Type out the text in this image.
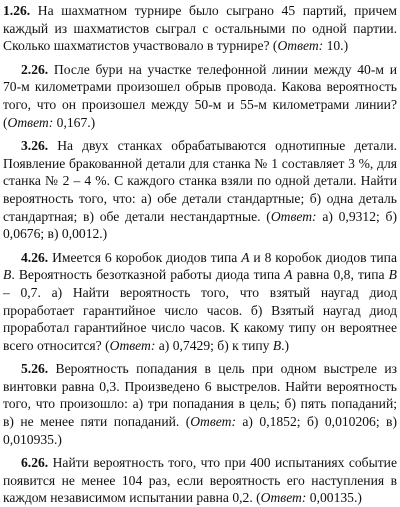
1.26. На шахматном турнире было сыграно 45 партий, причем каждый из шахматистов сыграл с остальными по одной партии. Сколько шахматистов участвовало в турнире? (Ответ: 10.)

2.26. После бури на участке телефонной линии между 40-м и 70-м километрами произошел обрыв провода. Какова вероятность того, что он произошел между 50-м и 55-м километрами линии? (Ответ: 0,167.)

3.26. На двух станках обрабатываются однотипные детали. Появление бракованной детали для станка № 1 составляет 3 %, для станка № 2 – 4 %. С каждого станка взяли по одной детали. Найти вероятность того, что: а) обе детали стандартные; б) одна деталь стандартная; в) обе детали нестандартные. (Ответ: а) 0,9312; б) 0,0676; в) 0,0012.)

4.26. Имеется 6 коробок диодов типа A и 8 коробок диодов типа B. Вероятность безотказной работы диода типа A равна 0,8, типа B – 0,7. а) Найти вероятность того, что взятый наугад диод проработает гарантийное число часов. б) Взятый наугад диод проработал гарантийное число часов. К какому типу он вероятнее всего относится? (Ответ: а) 0,7429; б) к типу B.)

5.26. Вероятность попадания в цель при одном выстреле из винтовки равна 0,3. Произведено 6 выстрелов. Найти вероятность того, что произошло: а) три попадания в цель; б) пять попаданий; в) не менее пяти попаданий. (Ответ: а) 0,1852; б) 0,010206; в) 0,010935.)

6.26. Найти вероятность того, что при 400 испытаниях событие появится не менее 104 раз, если вероятность его наступления в каждом независимом испытании равна 0,2. (Ответ: 0,00135.)
